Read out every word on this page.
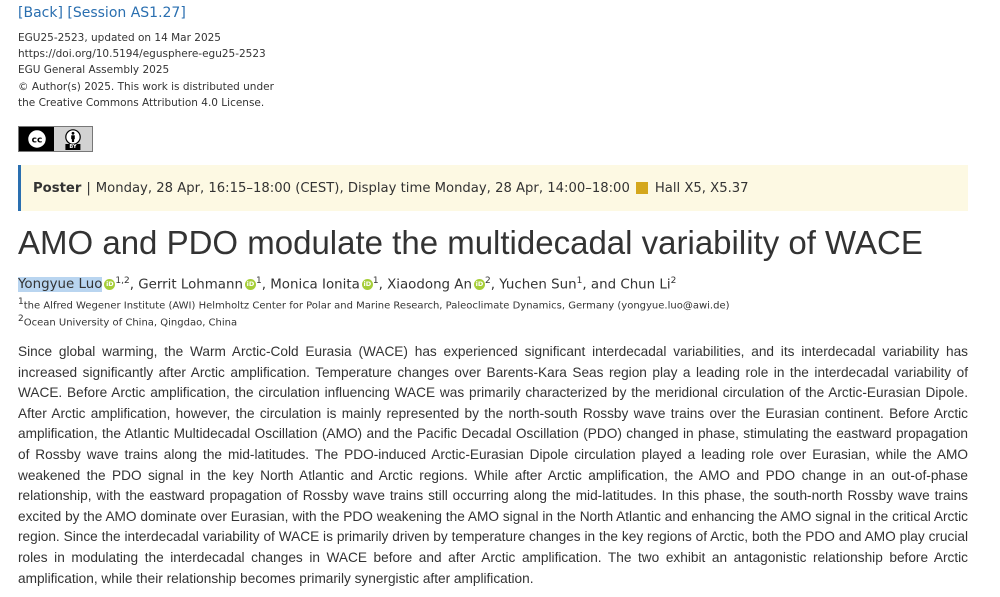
[Back] [Session AS1.27]
EGU25-2523, updated on 14 Mar 2025
https://doi.org/10.5194/egusphere-egu25-2523
EGU General Assembly 2025
© Author(s) 2025. This work is distributed under
the Creative Commons Attribution 4.0 License.
cc
BY
Poster | Monday, 28 Apr, 16:15–18:00 (CEST), Display time Monday, 28 Apr, 14:00–18:00 Hall X5, X5.37
AMO and PDO modulate the multidecadal variability of WACE
Yongyue Luo iD $^{1,2}$, Gerrit Lohmann iD $^1$, Monica Ionita iD $^1$, Xiaodong An iD $^2$, Yuchen Sun$^1$, and Chun Li$^2$
$^1$the Alfred Wegener Institute (AWI) Helmholtz Center for Polar and Marine Research, Paleoclimate Dynamics, Germany (yongyue.luo@awi.de)
$^2$Ocean University of China, Qingdao, China

Since global warming, the Warm Arctic-Cold Eurasia (WACE) has experienced significant interdecadal variabilities, and its interdecadal variability has increased significantly after Arctic amplification. Temperature changes over Barents-Kara Seas region play a leading role in the interdecadal variability of WACE. Before Arctic amplification, the circulation influencing WACE was primarily characterized by the meridional circulation of the Arctic-Eurasian Dipole. After Arctic amplification, however, the circulation is mainly represented by the north-south Rossby wave trains over the Eurasian continent. Before Arctic amplification, the Atlantic Multidecadal Oscillation (AMO) and the Pacific Decadal Oscillation (PDO) changed in phase, stimulating the eastward propagation of Rossby wave trains along the mid-latitudes. The PDO-induced Arctic-Eurasian Dipole circulation played a leading role over Eurasian, while the AMO weakened the PDO signal in the key North Atlantic and Arctic regions. While after Arctic amplification, the AMO and PDO change in an out-of-phase relationship, with the eastward propagation of Rossby wave trains still occurring along the mid-latitudes. In this phase, the south-north Rossby wave trains excited by the AMO dominate over Eurasian, with the PDO weakening the AMO signal in the North Atlantic and enhancing the AMO signal in the critical Arctic region. Since the interdecadal variability of WACE is primarily driven by temperature changes in the key regions of Arctic, both the PDO and AMO play crucial roles in modulating the interdecadal changes in WACE before and after Arctic amplification. The two exhibit an antagonistic relationship before Arctic amplification, while their relationship becomes primarily synergistic after amplification.
